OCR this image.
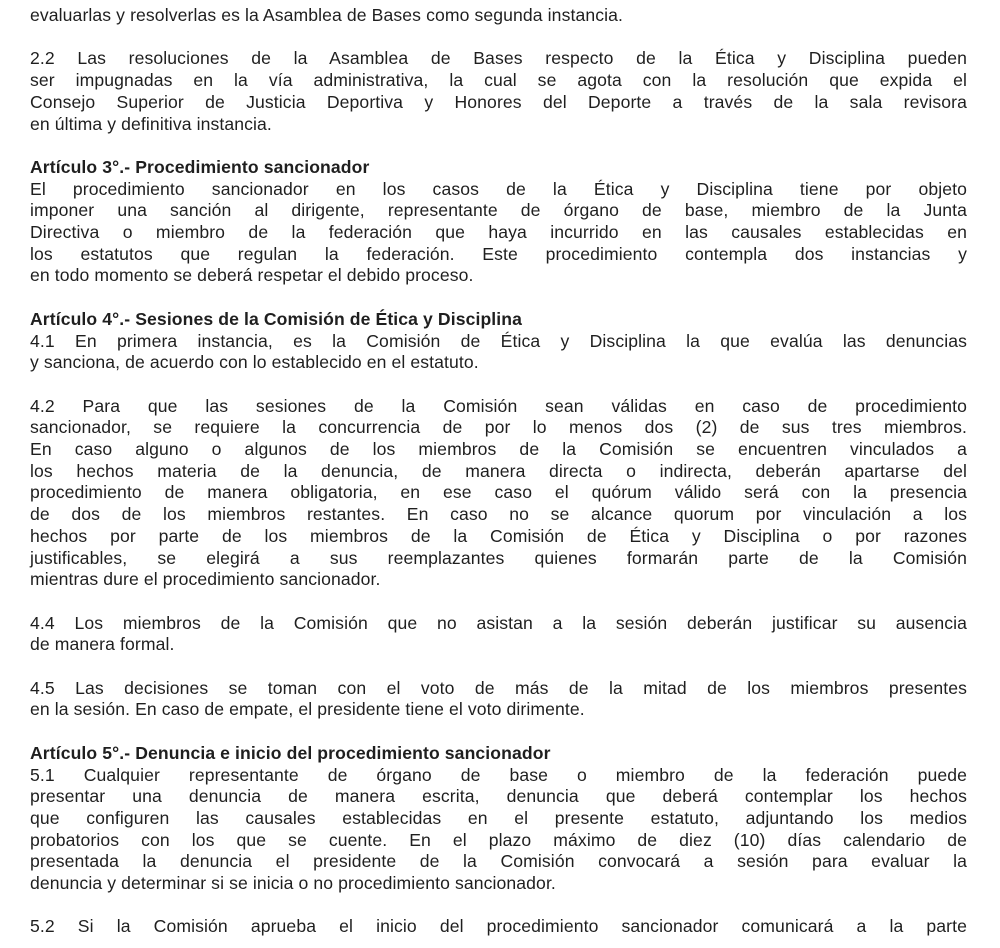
evaluarlas y resolverlas es la Asamblea de Bases como segunda instancia.
2.2 Las resoluciones de la Asamblea de Bases respecto de la Ética y Disciplina pueden
ser impugnadas en la vía administrativa, la cual se agota con la resolución que expida el
Consejo Superior de Justicia Deportiva y Honores del Deporte a través de la sala revisora
en última y definitiva instancia.
Artículo 3°.- Procedimiento sancionador
El procedimiento sancionador en los casos de la Ética y Disciplina tiene por objeto
imponer una sanción al dirigente, representante de órgano de base, miembro de la Junta
Directiva o miembro de la federación que haya incurrido en las causales establecidas en
los estatutos que regulan la federación. Este procedimiento contempla dos instancias y
en todo momento se deberá respetar el debido proceso.
Artículo 4°.- Sesiones de la Comisión de Ética y Disciplina
4.1 En primera instancia, es la Comisión de Ética y Disciplina la que evalúa las denuncias
y sanciona, de acuerdo con lo establecido en el estatuto.
4.2 Para que las sesiones de la Comisión sean válidas en caso de procedimiento
sancionador, se requiere la concurrencia de por lo menos dos (2) de sus tres miembros.
En caso alguno o algunos de los miembros de la Comisión se encuentren vinculados a
los hechos materia de la denuncia, de manera directa o indirecta, deberán apartarse del
procedimiento de manera obligatoria, en ese caso el quórum válido será con la presencia
de dos de los miembros restantes. En caso no se alcance quorum por vinculación a los
hechos por parte de los miembros de la Comisión de Ética y Disciplina o por razones
justificables, se elegirá a sus reemplazantes quienes formarán parte de la Comisión
mientras dure el procedimiento sancionador.
4.4 Los miembros de la Comisión que no asistan a la sesión deberán justificar su ausencia
de manera formal.
4.5 Las decisiones se toman con el voto de más de la mitad de los miembros presentes
en la sesión. En caso de empate, el presidente tiene el voto dirimente.
Artículo 5°.- Denuncia e inicio del procedimiento sancionador
5.1 Cualquier representante de órgano de base o miembro de la federación puede
presentar una denuncia de manera escrita, denuncia que deberá contemplar los hechos
que configuren las causales establecidas en el presente estatuto, adjuntando los medios
probatorios con los que se cuente. En el plazo máximo de diez (10) días calendario de
presentada la denuncia el presidente de la Comisión convocará a sesión para evaluar la
denuncia y determinar si se inicia o no procedimiento sancionador.
5.2 Si la Comisión aprueba el inicio del procedimiento sancionador comunicará a la parte
